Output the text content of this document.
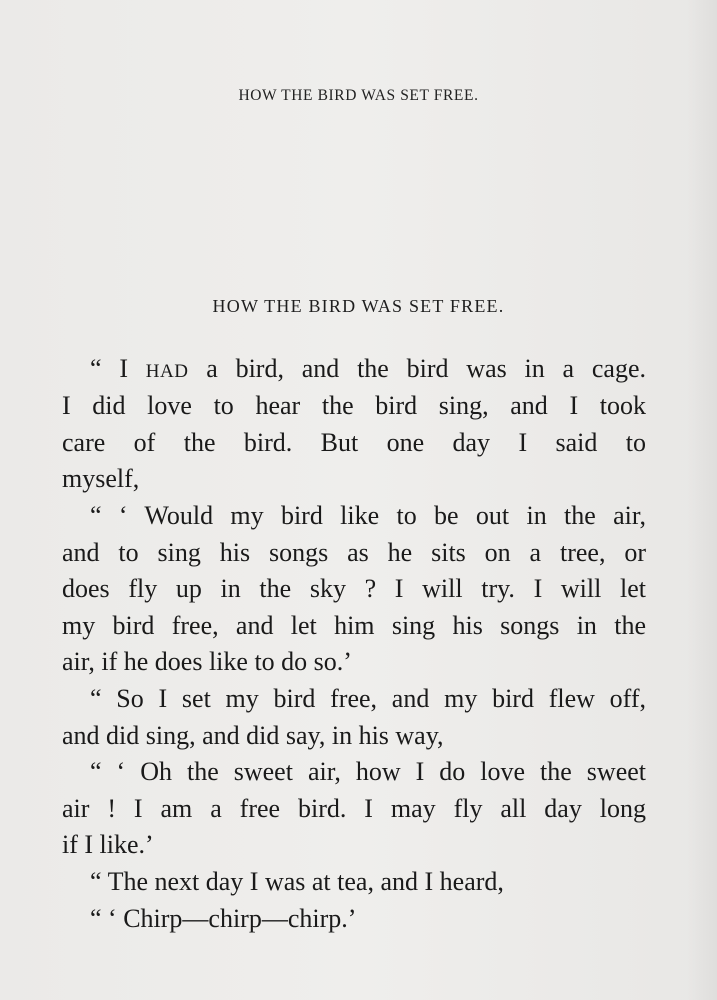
HOW THE BIRD WAS SET FREE.
HOW THE BIRD WAS SET FREE.
“ I HAD a bird, and the bird was in a cage.
I did love to hear the bird sing, and I took
care of the bird. But one day I said to
myself,
“ ‘ Would my bird like to be out in the air,
and to sing his songs as he sits on a tree, or
does fly up in the sky ? I will try. I will let
my bird free, and let him sing his songs in the
air, if he does like to do so.’
“ So I set my bird free, and my bird flew off,
and did sing, and did say, in his way,
“ ‘ Oh the sweet air, how I do love the sweet
air ! I am a free bird. I may fly all day long
if I like.’
“ The next day I was at tea, and I heard,
“ ‘ Chirp—chirp—chirp.’
